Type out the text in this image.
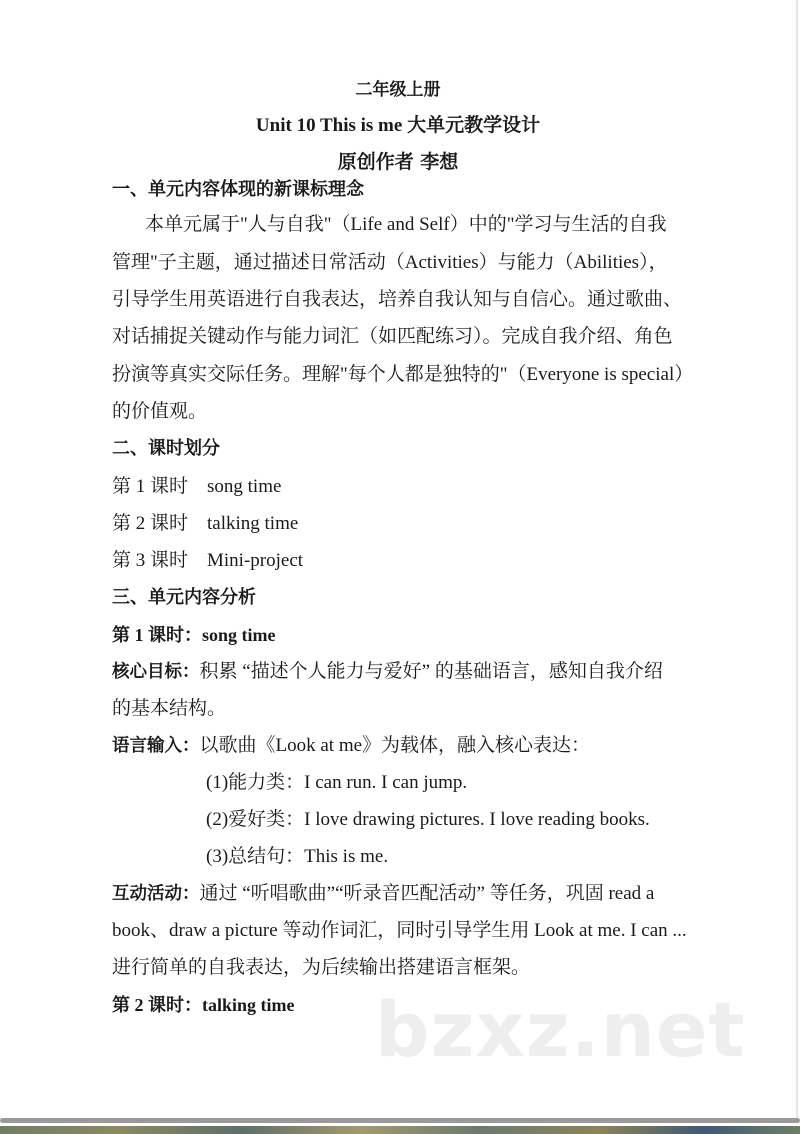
二年级上册
Unit 10 This is me 大单元教学设计
原创作者 李想
一、单元内容体现的新课标理念
本单元属于"人与自我"（Life and Self）中的"学习与生活的自我
管理"子主题，通过描述日常活动（Activities）与能力（Abilities），
引导学生用英语进行自我表达，培养自我认知与自信心。通过歌曲、
对话捕捉关键动作与能力词汇（如匹配练习）。完成自我介绍、角色
扮演等真实交际任务。理解"每个人都是独特的"（Everyone is special）
的价值观。
二、课时划分
第 1 课时 song time
第 2 课时 talking time
第 3 课时 Mini-project
三、单元内容分析
第 1 课时：song time
核心目标：积累 “描述个人能力与爱好” 的基础语言，感知自我介绍
的基本结构。
语言输入：以歌曲《Look at me》为载体，融入核心表达：
(1)能力类：I can run. I can jump.
(2)爱好类：I love drawing pictures. I love reading books.
(3)总结句：This is me.
互动活动：通过 “听唱歌曲”“听录音匹配活动” 等任务，巩固 read a
book、draw a picture 等动作词汇，同时引导学生用 Look at me. I can ...
进行简单的自我表达，为后续输出搭建语言框架。
第 2 课时：talking time bzxz.net
